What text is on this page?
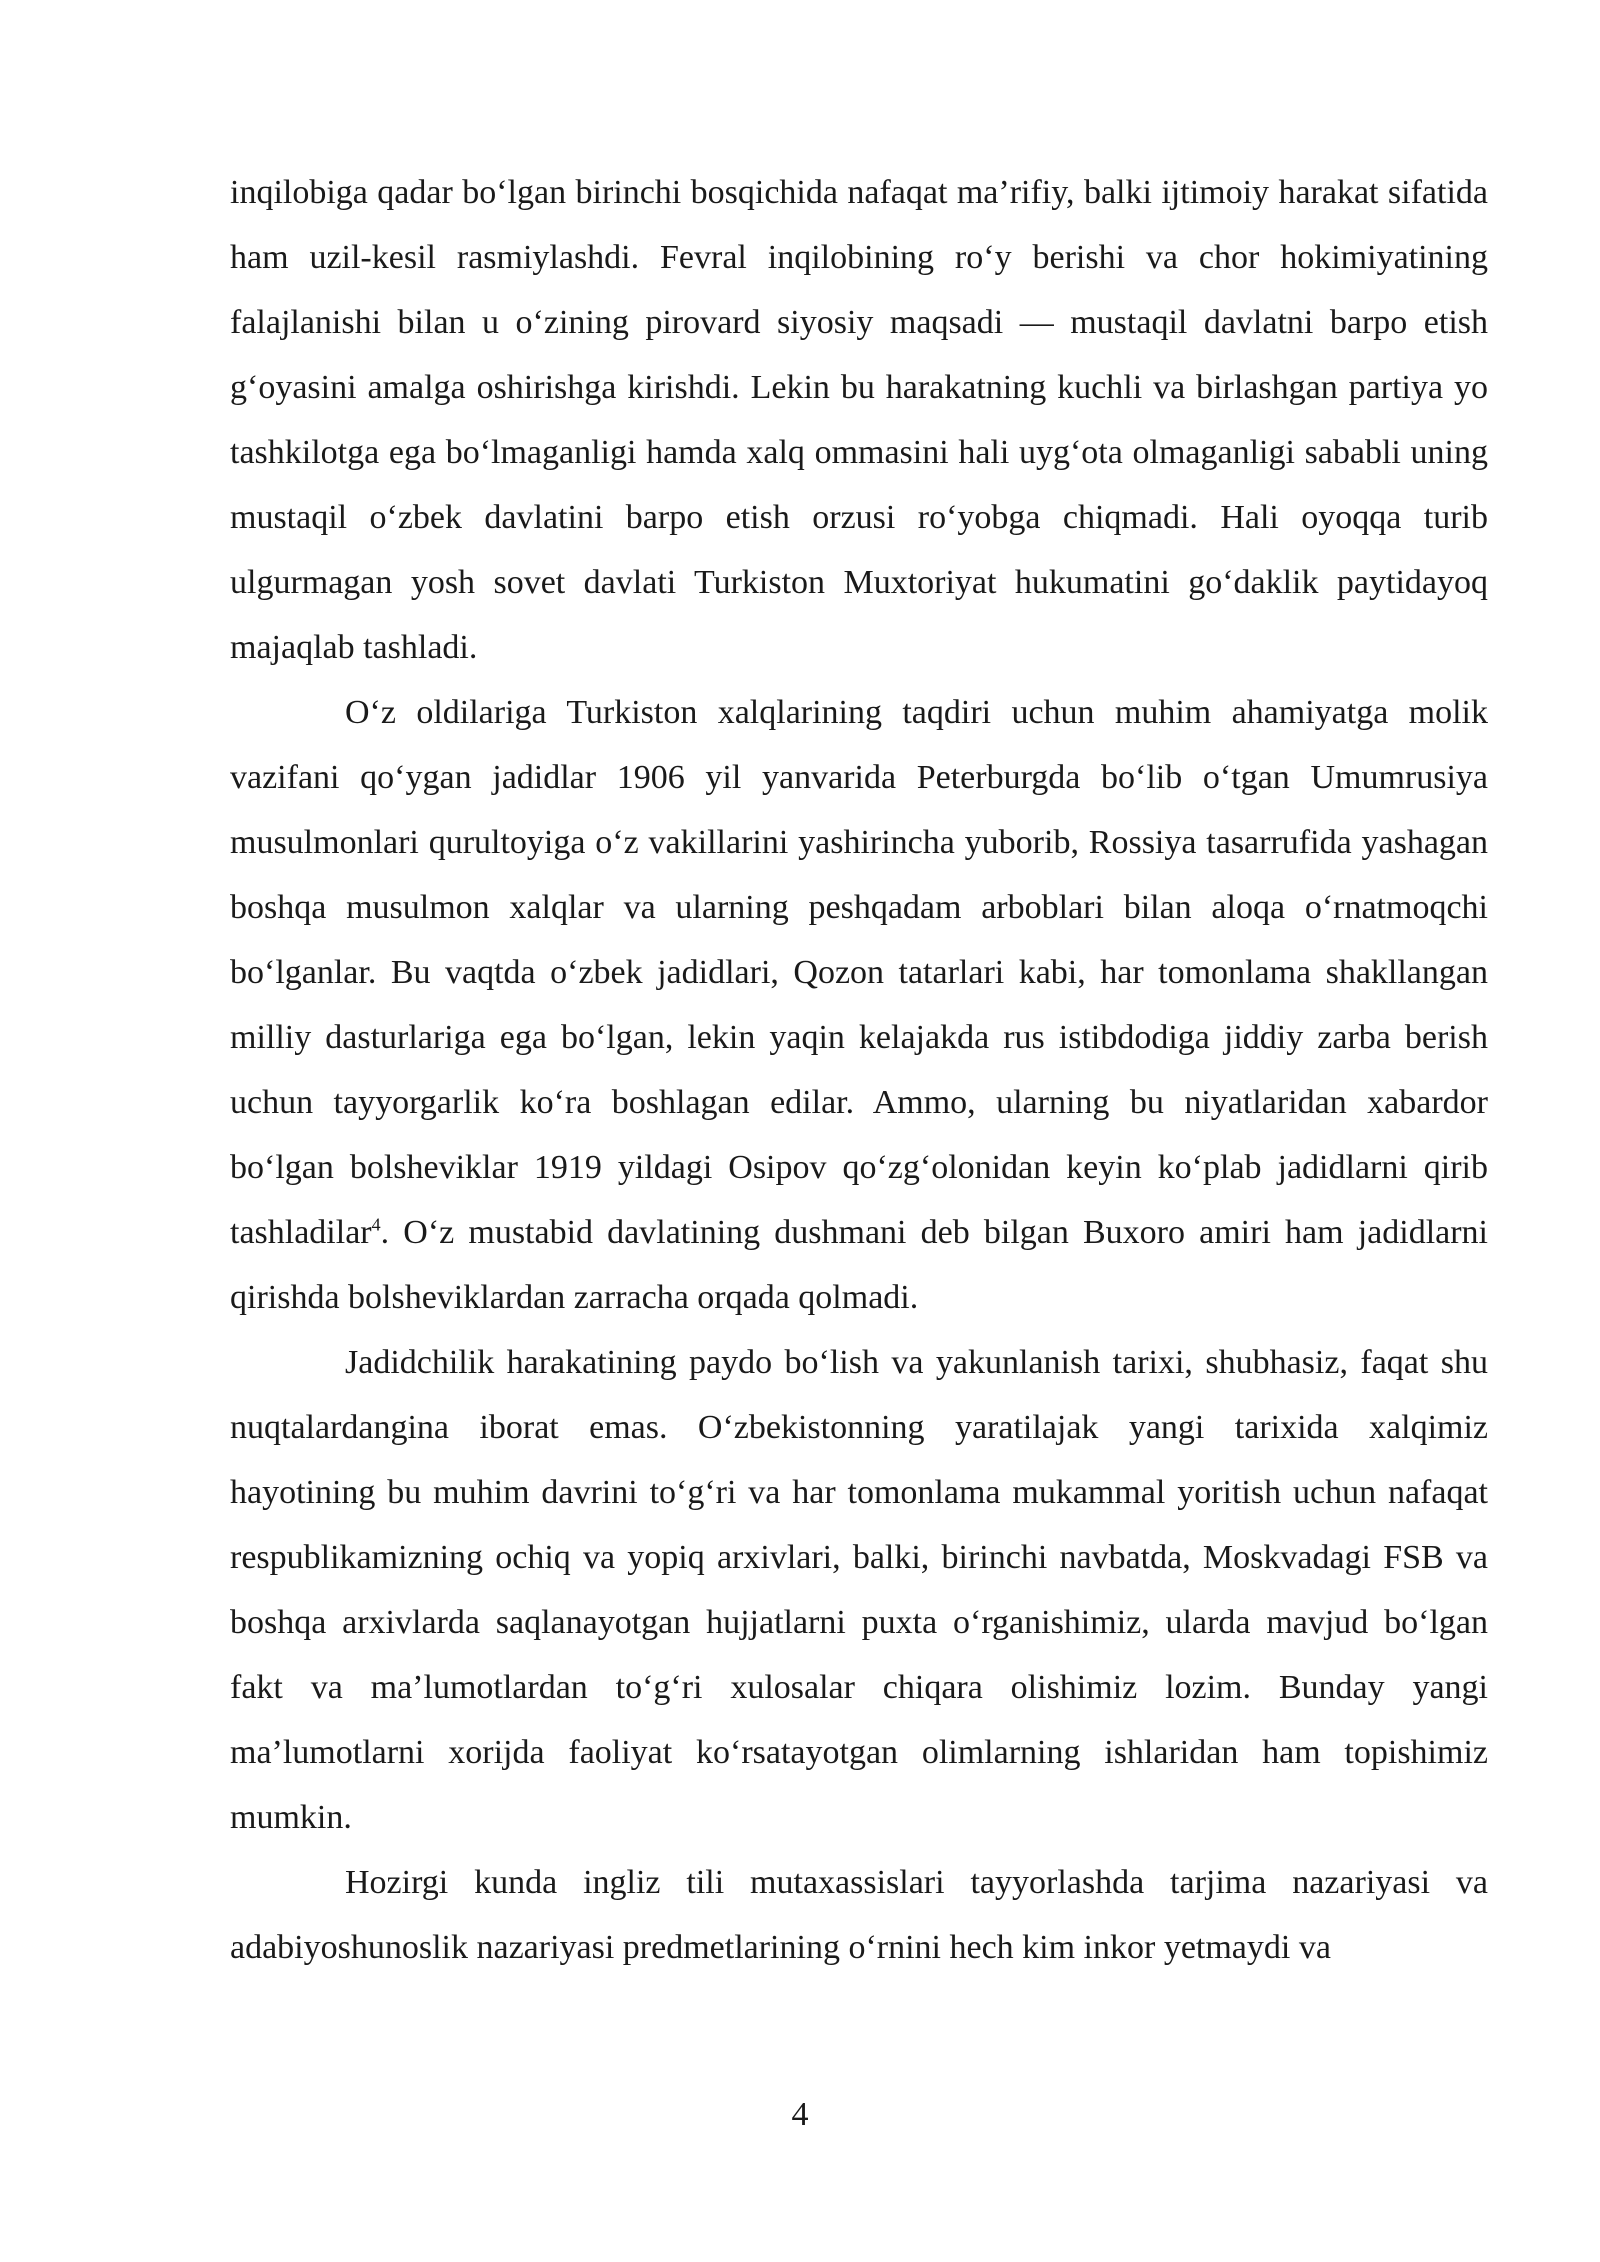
inqilobiga qadar bo‘lgan birinchi bosqichida nafaqat ma’rifiy, balki ijtimoiy harakat sifatida ham uzil-kesil rasmiylashdi. Fevral inqilobining ro‘y berishi va chor hokimiyatining falajlanishi bilan u o‘zining pirovard siyosiy maqsadi — mustaqil davlatni barpo etish g‘oyasini amalga oshirishga kirishdi. Lekin bu harakatning kuchli va birlashgan partiya yo tashkilotga ega bo‘lmaganligi hamda xalq ommasini hali uyg‘ota olmaganligi sababli uning mustaqil o‘zbek davlatini barpo etish orzusi ro‘yobga chiqmadi. Hali oyoqqa turib ulgurmagan yosh sovet davlati Turkiston Muxtoriyat hukumatini go‘daklik paytidayoq majaqlab tashladi.

O‘z oldilariga Turkiston xalqlarining taqdiri uchun muhim ahamiyatga molik vazifani qo‘ygan jadidlar 1906 yil yanvarida Peterburgda bo‘lib o‘tgan Umumrusiya musulmonlari qurultoyiga o‘z vakillarini yashirincha yuborib, Rossiya tasarrufida yashagan boshqa musulmon xalqlar va ularning peshqadam arboblari bilan aloqa o‘rnatmoqchi bo‘lganlar. Bu vaqtda o‘zbek jadidlari, Qozon tatarlari kabi, har tomonlama shakllangan milliy dasturlariga ega bo‘lgan, lekin yaqin kelajakda rus istibdodiga jiddiy zarba berish uchun tayyorgarlik ko‘ra boshlagan edilar. Ammo, ularning bu niyatlaridan xabardor bo‘lgan bolsheviklar 1919 yildagi Osipov qo‘zg‘olonidan keyin ko‘plab jadidlarni qirib tashladilar$^4$. O‘z mustabid davlatining dushmani deb bilgan Buxoro amiri ham jadidlarni qirishda bolsheviklardan zarracha orqada qolmadi.

Jadidchilik harakatining paydo bo‘lish va yakunlanish tarixi, shubhasiz, faqat shu nuqtalardangina iborat emas. O‘zbekistonning yaratilajak yangi tarixida xalqimiz hayotining bu muhim davrini to‘g‘ri va har tomonlama mukammal yoritish uchun nafaqat respublikamizning ochiq va yopiq arxivlari, balki, birinchi navbatda, Moskvadagi FSB va boshqa arxivlarda saqlanayotgan hujjatlarni puxta o‘rganishimiz, ularda mavjud bo‘lgan fakt va ma’lumotlardan to‘g‘ri xulosalar chiqara olishimiz lozim. Bunday yangi ma’lumotlarni xorijda faoliyat ko‘rsatayotgan olimlarning ishlaridan ham topishimiz mumkin.

Hozirgi kunda ingliz tili mutaxassislari tayyorlashda tarjima nazariyasi va adabiyoshunoslik nazariyasi predmetlarining o‘rnini hech kim inkor yetmaydi va

4
